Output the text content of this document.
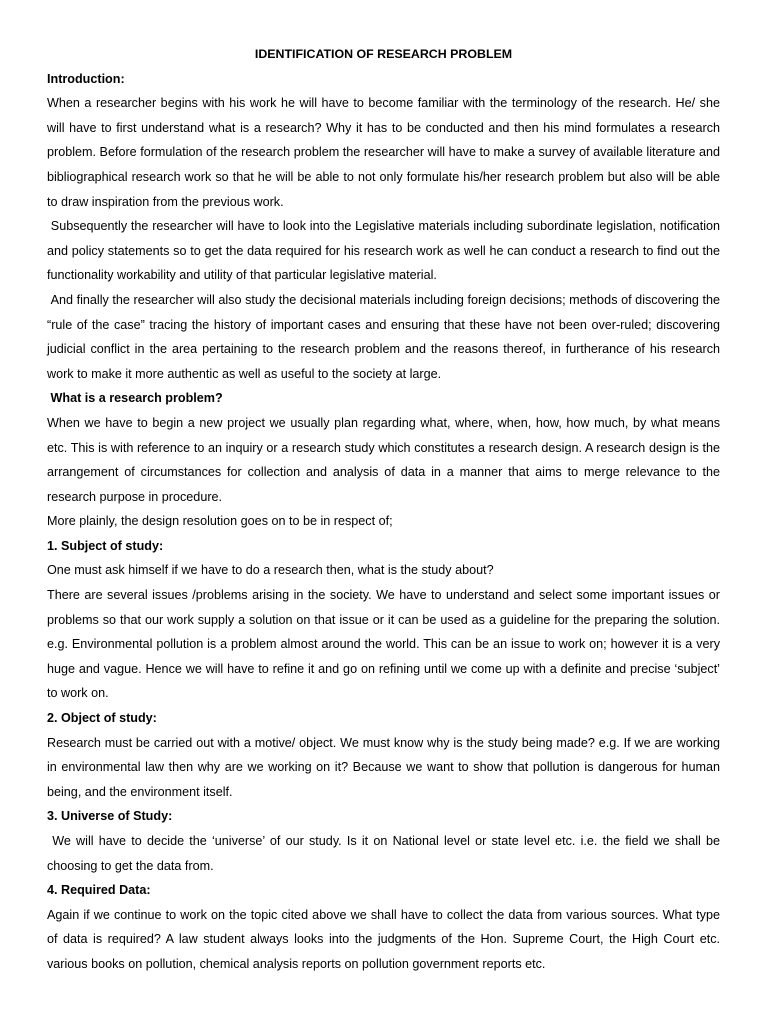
IDENTIFICATION OF RESEARCH PROBLEM

Introduction:

When a researcher begins with his work he will have to become familiar with the terminology of the research. He/ she will have to first understand what is a research? Why it has to be conducted and then his mind formulates a research problem. Before formulation of the research problem the researcher will have to make a survey of available literature and bibliographical research work so that he will be able to not only formulate his/her research problem but also will be able to draw inspiration from the previous work.

Subsequently the researcher will have to look into the Legislative materials including subordinate legislation, notification and policy statements so to get the data required for his research work as well he can conduct a research to find out the functionality workability and utility of that particular legislative material.

And finally the researcher will also study the decisional materials including foreign decisions; methods of discovering the “rule of the case” tracing the history of important cases and ensuring that these have not been over-ruled; discovering judicial conflict in the area pertaining to the research problem and the reasons thereof, in furtherance of his research work to make it more authentic as well as useful to the society at large.

What is a research problem?

When we have to begin a new project we usually plan regarding what, where, when, how, how much, by what means etc. This is with reference to an inquiry or a research study which constitutes a research design. A research design is the arrangement of circumstances for collection and analysis of data in a manner that aims to merge relevance to the research purpose in procedure.

More plainly, the design resolution goes on to be in respect of;

1. Subject of study:

One must ask himself if we have to do a research then, what is the study about?

There are several issues /problems arising in the society. We have to understand and select some important issues or problems so that our work supply a solution on that issue or it can be used as a guideline for the preparing the solution. e.g. Environmental pollution is a problem almost around the world. This can be an issue to work on; however it is a very huge and vague. Hence we will have to refine it and go on refining until we come up with a definite and precise ‘subject’ to work on.

2. Object of study:

Research must be carried out with a motive/ object. We must know why is the study being made? e.g. If we are working in environmental law then why are we working on it? Because we want to show that pollution is dangerous for human being, and the environment itself.

3. Universe of Study:

We will have to decide the ‘universe’ of our study. Is it on National level or state level etc. i.e. the field we shall be choosing to get the data from.

4. Required Data:

Again if we continue to work on the topic cited above we shall have to collect the data from various sources. What type of data is required? A law student always looks into the judgments of the Hon. Supreme Court, the High Court etc. various books on pollution, chemical analysis reports on pollution government reports etc.
